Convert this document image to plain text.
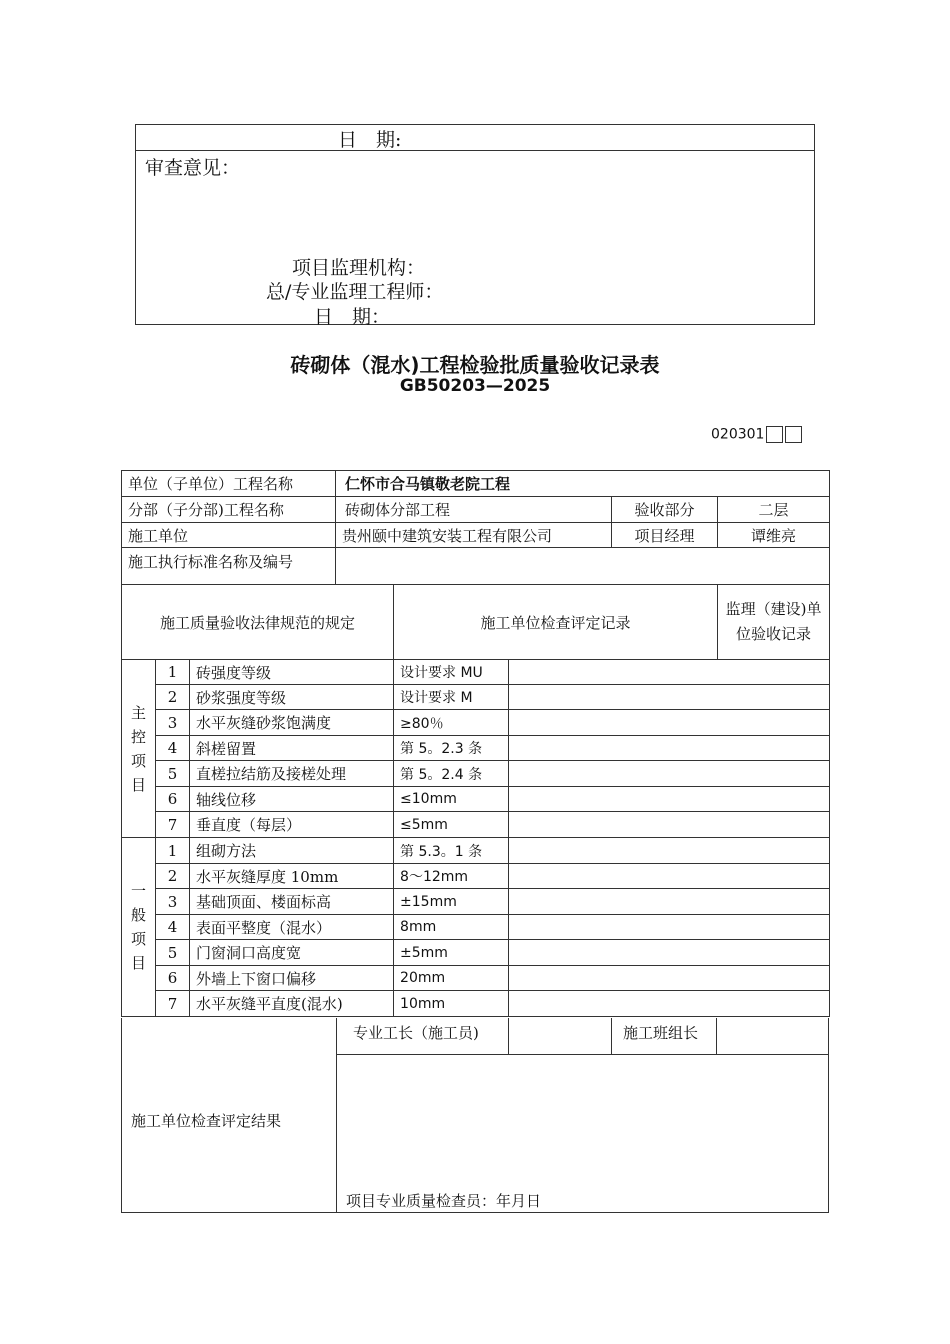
日　期:
审查意见：
项目监理机构：
总/专业监理工程师：
日　期：
砖砌体（混水)工程检验批质量验收记录表
GB50203—2025
020301
单位（子单位）工程名称			仁怀市合马镇敬老院工程					
分部（子分部)工程名称			砖砌体分部工程			验收部分	二层	
施工单位			贵州颐中建筑安装工程有限公司			项目经理	谭维亮	
施工执行标准名称及编号								
施工质量验收法律规范的规定				施工单位检查评定记录			监理（建设)单位验收记录	

主
控
项
目	1	砖强度等级		设计要求 MU				
	2	砂浆强度等级		设计要求 M				
	3	水平灰缝砂浆饱满度		≥80％				
	4	斜槎留置		第 5。2.3 条				
	5	直槎拉结筋及接槎处理		第 5。2.4 条				
	6	轴线位移		≤10mm				
	7	垂直度（每层）		≤5mm				

一
般
项
目	1	组砌方法		第 5.3。1 条				
	2	水平灰缝厚度 10mm		8～12mm				
	3	基础顶面、楼面标高		±15mm				
	4	表面平整度（混水）		8mm				
	5	门窗洞口高度宽		±5mm				
	6	外墙上下窗口偏移		20mm				
	7	水平灰缝平直度(混水)		10mm				
专业工长（施工员)	施工班组长
施工单位检查评定结果
项目专业质量检查员：年月日
